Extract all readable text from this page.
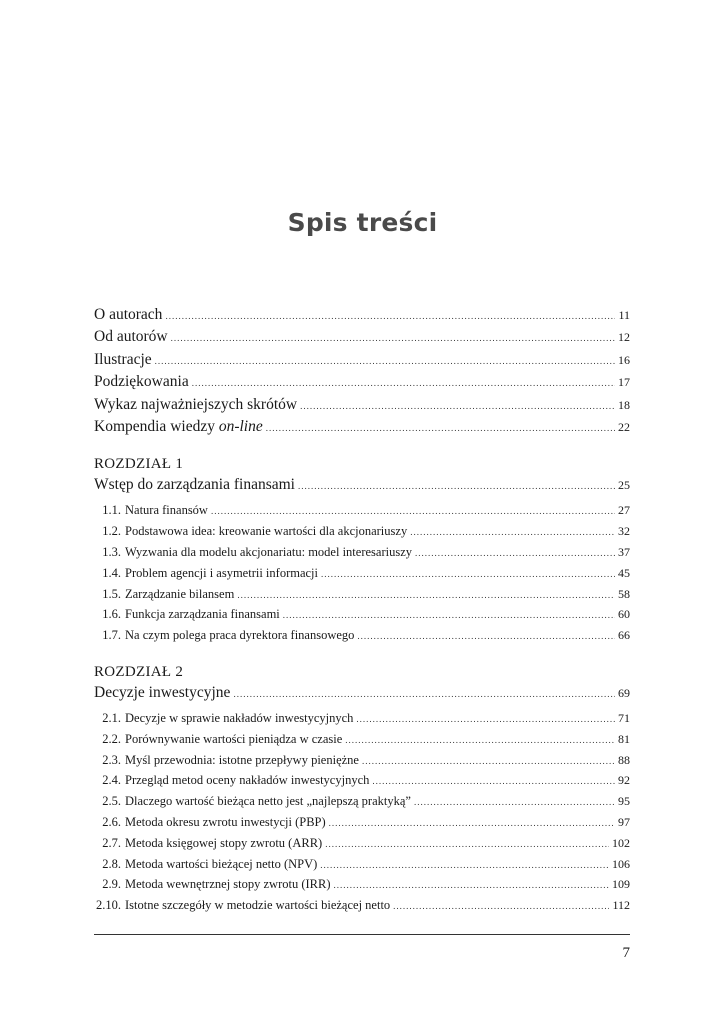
Spis treści
O autorach .....	11
Od autorów .....	12
Ilustracje .....	16
Podziękowania .....	17
Wykaz najważniejszych skrótów .....	18
Kompendia wiedzy on-line .....	22
ROZDZIAŁ 1
Wstęp do zarządzania finansami .....	25
1.1. Natura finansów .....	27
1.2. Podstawowa idea: kreowanie wartości dla akcjonariuszy .....	32
1.3. Wyzwania dla modelu akcjonariatu: model interesariuszy .....	37
1.4. Problem agencji i asymetrii informacji .....	45
1.5. Zarządzanie bilansem .....	58
1.6. Funkcja zarządzania finansami .....	60
1.7. Na czym polega praca dyrektora finansowego .....	66
ROZDZIAŁ 2
Decyzje inwestycyjne .....	69
2.1. Decyzje w sprawie nakładów inwestycyjnych .....	71
2.2. Porównywanie wartości pieniądza w czasie .....	81
2.3. Myśl przewodnia: istotne przepływy pieniężne .....	88
2.4. Przegląd metod oceny nakładów inwestycyjnych .....	92
2.5. Dlaczego wartość bieżąca netto jest „najlepszą praktyką” .....	95
2.6. Metoda okresu zwrotu inwestycji (PBP) .....	97
2.7. Metoda księgowej stopy zwrotu (ARR) .....	102
2.8. Metoda wartości bieżącej netto (NPV) .....	106
2.9. Metoda wewnętrznej stopy zwrotu (IRR) .....	109
2.10. Istotne szczegóły w metodzie wartości bieżącej netto .....	112
7
